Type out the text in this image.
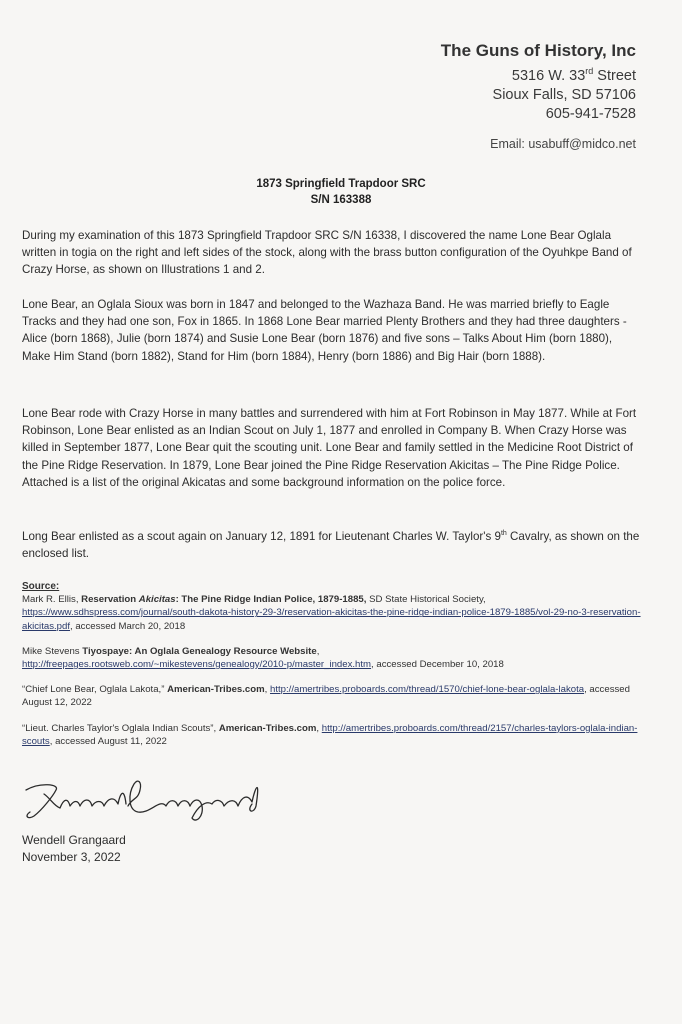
The Guns of History, Inc
5316 W. 33rd Street
Sioux Falls, SD 57106
605-941-7528
Email: usabuff@midco.net
1873 Springfield Trapdoor SRC
S/N 163388
During my examination of this 1873 Springfield Trapdoor SRC S/N 16338, I discovered the name Lone Bear Oglala written in togia on the right and left sides of the stock, along with the brass button configuration of the Oyuhkpe Band of Crazy Horse, as shown on Illustrations 1 and 2.
Lone Bear, an Oglala Sioux was born in 1847 and belonged to the Wazhaza Band. He was married briefly to Eagle Tracks and they had one son, Fox in 1865. In 1868 Lone Bear married Plenty Brothers and they had three daughters - Alice (born 1868), Julie (born 1874) and Susie Lone Bear (born 1876) and five sons – Talks About Him (born 1880), Make Him Stand (born 1882), Stand for Him (born 1884), Henry (born 1886) and Big Hair (born 1888).
Lone Bear rode with Crazy Horse in many battles and surrendered with him at Fort Robinson in May 1877. While at Fort Robinson, Lone Bear enlisted as an Indian Scout on July 1, 1877 and enrolled in Company B. When Crazy Horse was killed in September 1877, Lone Bear quit the scouting unit. Lone Bear and family settled in the Medicine Root District of the Pine Ridge Reservation. In 1879, Lone Bear joined the Pine Ridge Reservation Akicitas – The Pine Ridge Police. Attached is a list of the original Akicatas and some background information on the police force.
Long Bear enlisted as a scout again on January 12, 1891 for Lieutenant Charles W. Taylor's 9th Cavalry, as shown on the enclosed list.
Source:
Mark R. Ellis, Reservation Akicitas: The Pine Ridge Indian Police, 1879-1885, SD State Historical Society,
https://www.sdhspress.com/journal/south-dakota-history-29-3/reservation-akicitas-the-pine-ridge-indian-police-1879-1885/vol-29-no-3-reservation-akicitas.pdf, accessed March 20, 2018
Mike Stevens Tiyospaye: An Oglala Genealogy Resource Website,
http://freepages.rootsweb.com/~mikestevens/genealogy/2010-p/master_index.htm, accessed December 10, 2018
“Chief Lone Bear, Oglala Lakota,” American-Tribes.com, http://amertribes.proboards.com/thread/1570/chief-lone-bear-oglala-lakota, accessed August 12, 2022
“Lieut. Charles Taylor's Oglala Indian Scouts”, American-Tribes.com, http://amertribes.proboards.com/thread/2157/charles-taylors-oglala-indian-scouts, accessed August 11, 2022
Wendell Grangaard
November 3, 2022
